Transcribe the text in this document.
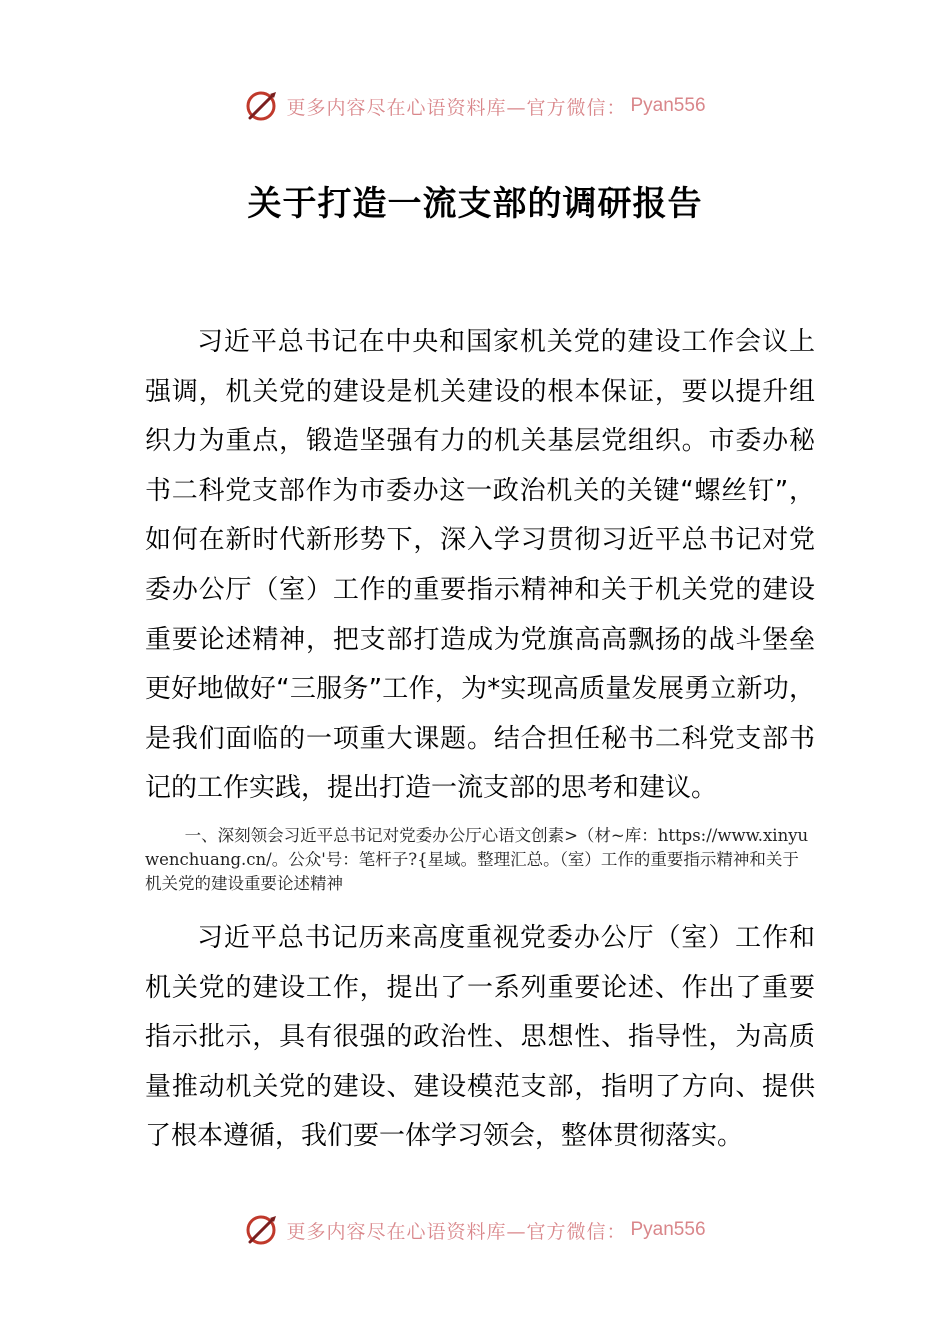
更多内容尽在心语资料库—官方微信： Pyan556
关于打造一流支部的调研报告

习近平总书记在中央和国家机关党的建设工作会议上强调，机关党的建设是机关建设的根本保证，要以提升组织力为重点，锻造坚强有力的机关基层党组织。市委办秘书二科党支部作为市委办这一政治机关的关键“螺丝钉”，如何在新时代新形势下，深入学习贯彻习近平总书记对党委办公厅（室）工作的重要指示精神和关于机关党的建设重要论述精神，把支部打造成为党旗高高飘扬的战斗堡垒更好地做好“三服务”工作，为*实现高质量发展勇立新功，是我们面临的一项重大课题。结合担任秘书二科党支部书记的工作实践，提出打造一流支部的思考和建议。

一、深刻领会习近平总书记对党委办公厅心语文创素>（材~库：https://www.xinyuwenchuang.cn/。公众'号：笔杆子?{星域。整理汇总。（室）工作的重要指示精神和关于机关党的建设重要论述精神

习近平总书记历来高度重视党委办公厅（室）工作和机关党的建设工作，提出了一系列重要论述、作出了重要指示批示，具有很强的政治性、思想性、指导性，为高质量推动机关党的建设、建设模范支部，指明了方向、提供了根本遵循，我们要一体学习领会，整体贯彻落实。

更多内容尽在心语资料库—官方微信： Pyan556
